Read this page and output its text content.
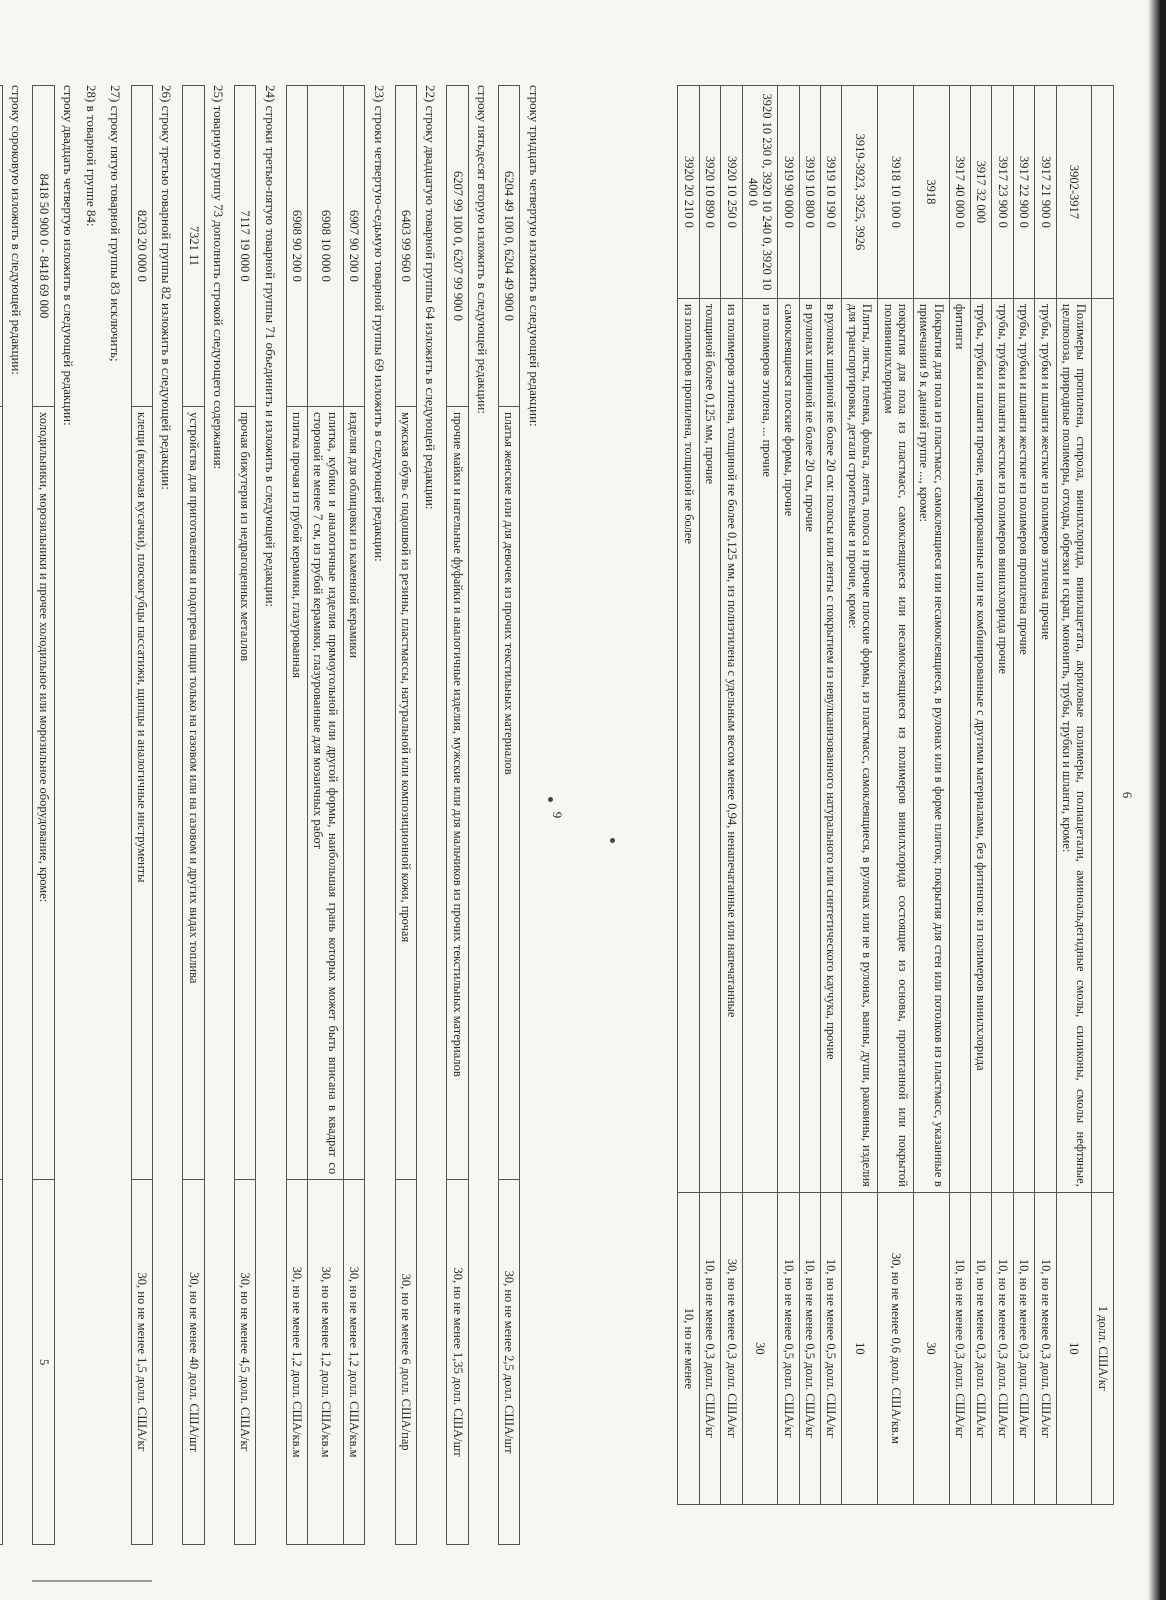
6
		1 долл. США/кг
3902-3917	Полимеры пропилена, стирола, винилхлорида, винилацетата, акриловые полимеры, полиацетали, аминоальдегидные смолы, силиконы, смолы нефтяные, целлюлоза, природные полимеры, отходы, обрезки и скрап, мононить, трубы, трубки и шланги, кроме:	10
3917 21 900 0	трубы, трубки и шланги жесткие из полимеров этилена прочие	10, но не менее 0,3 долл. США/кг
3917 22 900 0	трубы, трубки и шланги жесткие из полимеров пропилена прочие	10, но не менее 0,3 долл. США/кг
3917 23 900 0	трубы, трубки и шланги жесткие из полимеров винилхлорида прочие	10, но не менее 0,3 долл. США/кг
3917 32 000	трубы, трубки и шланги прочие, неармированные или не комбинированные с другими материалами, без фитингов: из полимеров винилхлорида	10, но не менее 0,3 долл. США/кг
3917 40 000 0	фитинги	10, но не менее 0,3 долл. США/кг
3918	Покрытия для пола из пластмасс, самоклеящиеся или несамоклеящиеся, в рулонах или в форме плиток; покрытия для стен или потолков из пластмасс, указанные в примечании 9 к данной группе ..., кроме:	30
3918 10 100 0	покрытия для пола из пластмасс, самоклеящиеся или несамоклеящиеся из полимеров винилхлорида состоящие из основы, пропитанной или покрытой поливинилхлоридом	30, но не менее 0,6 долл. США/кв.м
3919-3923, 3925, 3926	Плиты, листы, пленка, фольга, лента, полоса и прочие плоские формы, из пластмасс, самоклеящиеся, в рулонах или не в рулонах, ванны, души, раковины, изделия для транспортировки, детали строительные и прочие, кроме:	10
3919 10 190 0	в рулонах шириной не более 20 см: полосы или ленты с покрытием из невулканизованного натурального или синтетического каучука, прочие	10, но не менее 0,5 долл. США/кг
3919 10 800 0	в рулонах шириной не более 20 см, прочие	10, но не менее 0,5 долл. США/кг
3919 90 000 0	самоклеящиеся плоские формы, прочие	10, но не менее 0,5 долл. США/кг
3920 10 230 0, 3920 10 240 0, 3920 10 400 0	из полимеров этилена, ... прочие	30
3920 10 250 0	из полимеров этилена, толщиной не более 0,125 мм, из полиэтилена с удельным весом менее 0,94, ненапечатанные или напечатанные	30, но не менее 0,3 долл. США/кг
3920 10 890 0	толщиной более 0,125 мм, прочие	10, но не менее 0,3 долл. США/кг
3920 20 210 0	из полимеров пропилена, толщиной не более	10, но не менее
9

строку тридцать четвертую изложить в следующей редакции:

6204 49 100 0, 6204 49 900 0	платья женские или для девочек из прочих текстильных материалов	30, но не менее 2,5 долл. США/шт

строку пятьдесят вторую изложить в следующей редакции:

6207 99 100 0, 6207 99 900 0	прочие майки и нательные фуфайки и аналогичные изделия, мужские или для мальчиков из прочих текстильных материалов	30, но не менее 1,35 долл. США/шт

22) строку двадцатую товарной группы 64 изложить в следующей редакции:

6403 99 960 0	мужская обувь с подошвой из резины, пластмассы, натуральной или композиционной кожи, прочая	30, но не менее 6 долл. США/пар

23) строки четвертую-седьмую товарной группы 69 изложить в следующей редакции:

6907 90 200 0	изделия для облицовки из каменной керамики	30, но не менее 1,2 долл. США/кв.м
6908 10 000 0	плитка, кубики и аналогичные изделия прямоугольной или другой формы, наибольшая грань которых может быть вписана в квадрат со стороной не менее 7 см, из грубой керамики, глазурованные для мозаичных работ	30, но не менее 1,2 долл. США/кв.м
6908 90 200 0	плитка прочая из грубой керамики, глазурованная	30, но не менее 1,2 долл. США/кв.м

24) строки третью-пятую товарной группы 71 объединить и изложить в следующей редакции:

7117 19 000 0	прочая бижутерия из недрагоценных металлов	30, но не менее 4,5 долл. США/кг

25) товарную группу 73 дополнить строкой следующего содержания:

7321 11	устройства для приготовления и подогрева пищи только на газовом или на газовом и других видах топлива	30, но не менее 40 долл. США/шт

26) строку третью товарной группы 82 изложить в следующей редакции:

8203 20 000 0	клещи (включая кусачки), плоскогубцы пассатижи, щипцы и аналогичные инструменты	30, но не менее 1,5 долл. США/кг

27) строку пятую товарной группы 83 исключить;

28) в товарной группе 84:

строку двадцать четвертую изложить в следующей редакции:

8418 50 900 0 - 8418 69 000	холодильники, морозильники и прочее холодильное или морозильное оборудование, кроме:	5

строку сороковую изложить в следующей редакции:
